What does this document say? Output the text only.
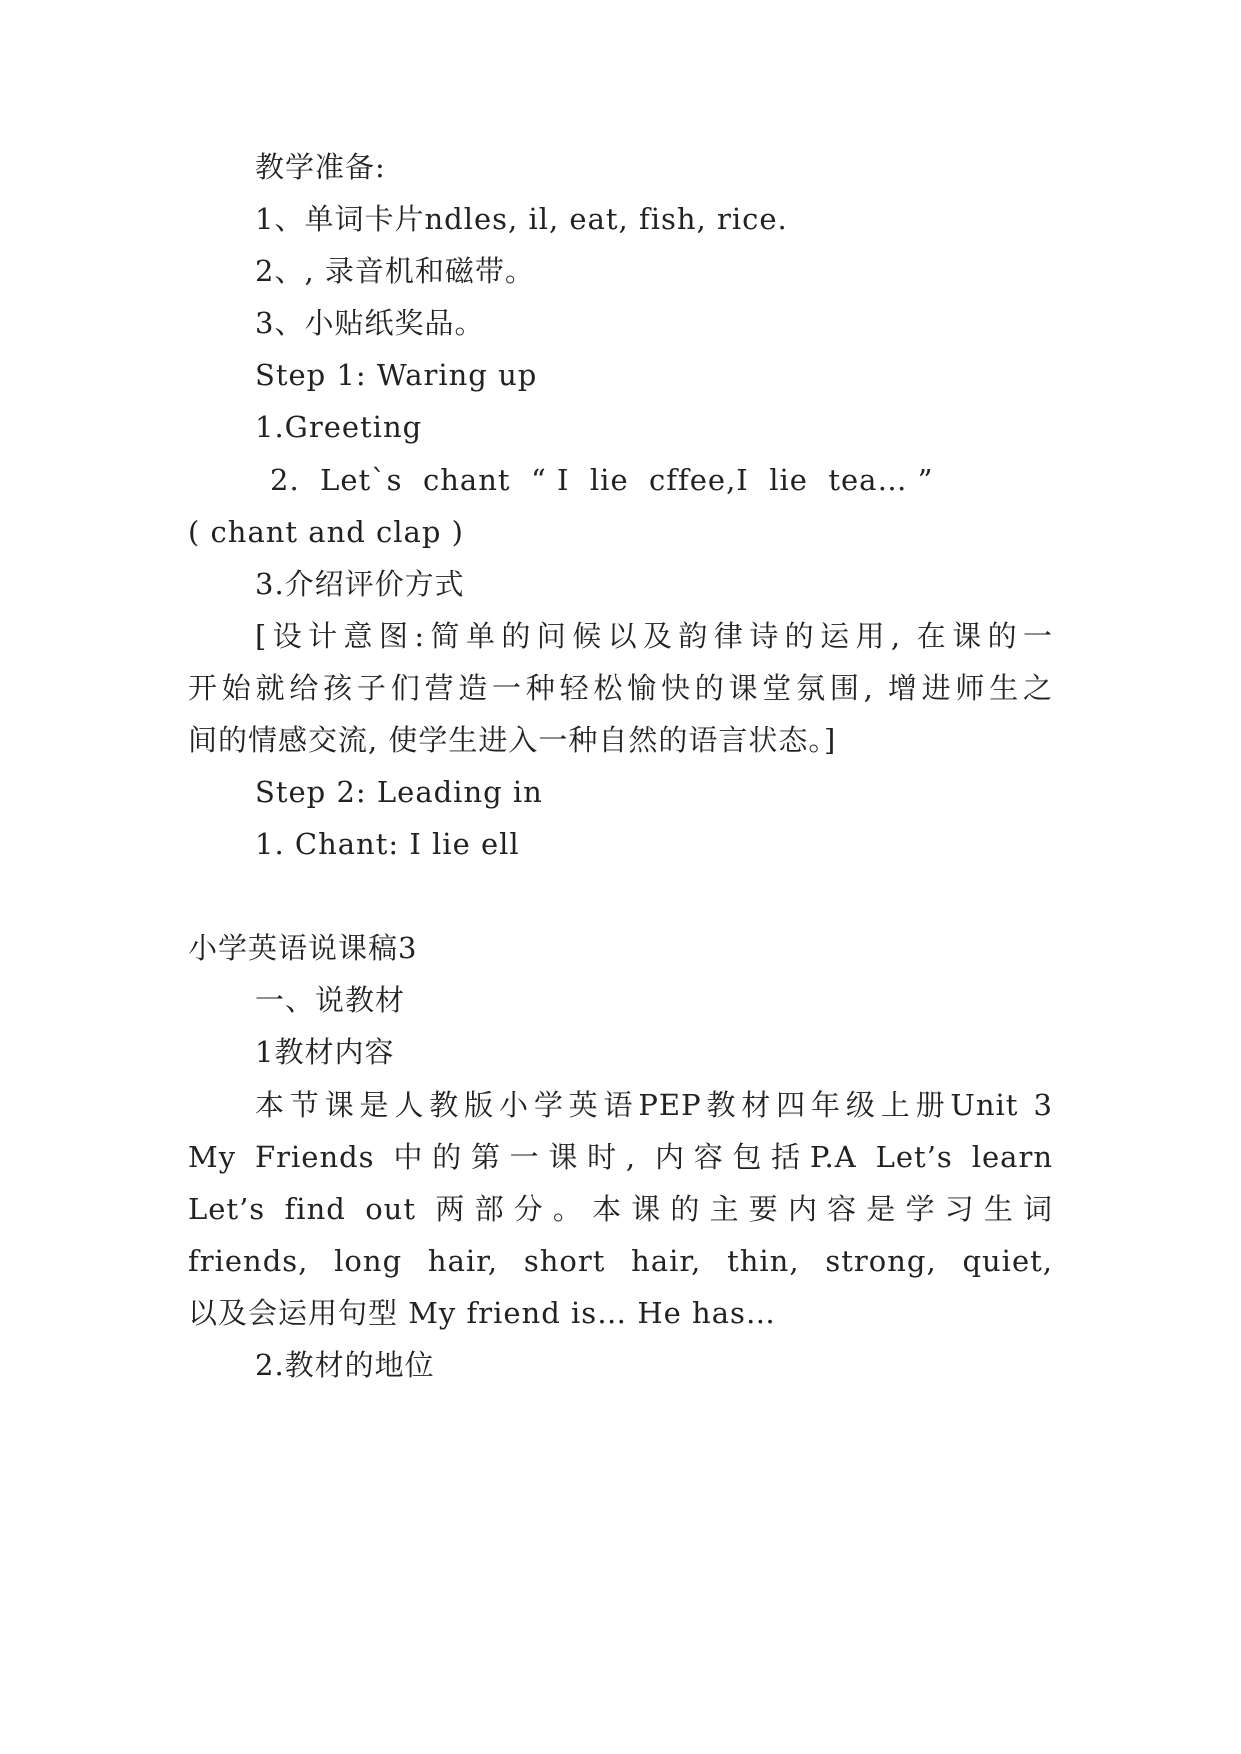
教学准备:
1、单词卡片ndles, il, eat, fish, rice.
2、, 录音机和磁带。
3、小贴纸奖品。
Step 1: Waring up
1.Greeting
2.  Let`s  chant  “ I  lie  cffee,I  lie  tea… ”
( chant and clap )
3.介绍评价方式
[设计意图:简单的问候以及韵律诗的运用, 在课的一
开始就给孩子们营造一种轻松愉快的课堂氛围, 增进师生之
间的情感交流, 使学生进入一种自然的语言状态。]
Step 2: Leading in
1. Chant: I lie ell
小学英语说课稿3
一、说教材
1教材内容
本节课是人教版小学英语PEP教材四年级上册Unit 3
My Friends 中的第一课时, 内容包括P.A Let’s learn
Let’s find out 两部分。本课的主要内容是学习生词
friends, long hair, short hair, thin, strong, quiet,
以及会运用句型 My friend is… He has…
2.教材的地位
